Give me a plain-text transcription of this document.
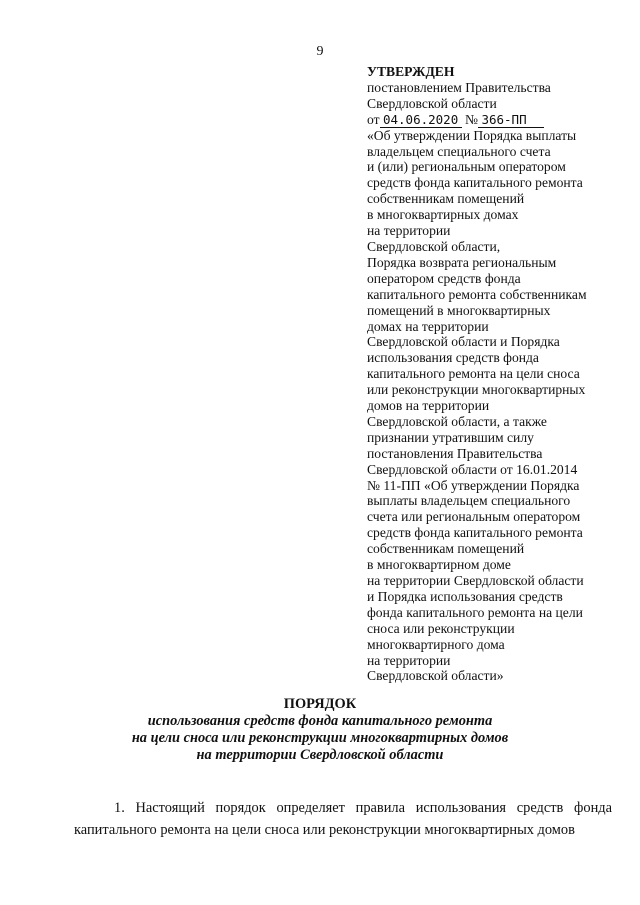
9
УТВЕРЖДЕН
постановлением Правительства
Свердловской области
от 04.06.2020 № 366-ПП
«Об утверждении Порядка выплаты
владельцем специального счета
и (или) региональным оператором
средств фонда капитального ремонта
собственникам помещений
в многоквартирных домах
на территории
Свердловской области,
Порядка возврата региональным
оператором средств фонда
капитального ремонта собственникам
помещений в многоквартирных
домах на территории
Свердловской области и Порядка
использования средств фонда
капитального ремонта на цели сноса
или реконструкции многоквартирных
домов на территории
Свердловской области, а также
признании утратившим силу
постановления Правительства
Свердловской области от 16.01.2014
№ 11-ПП «Об утверждении Порядка
выплаты владельцем специального
счета или региональным оператором
средств фонда капитального ремонта
собственникам помещений
в многоквартирном доме
на территории Свердловской области
и Порядка использования средств
фонда капитального ремонта на цели
сноса или реконструкции
многоквартирного дома
на территории
Свердловской области»
ПОРЯДОК
использования средств фонда капитального ремонта
на цели сноса или реконструкции многоквартирных домов
на территории Свердловской области
1. Настоящий порядок определяет правила использования средств фонда капитального ремонта на цели сноса или реконструкции многоквартирных домов
